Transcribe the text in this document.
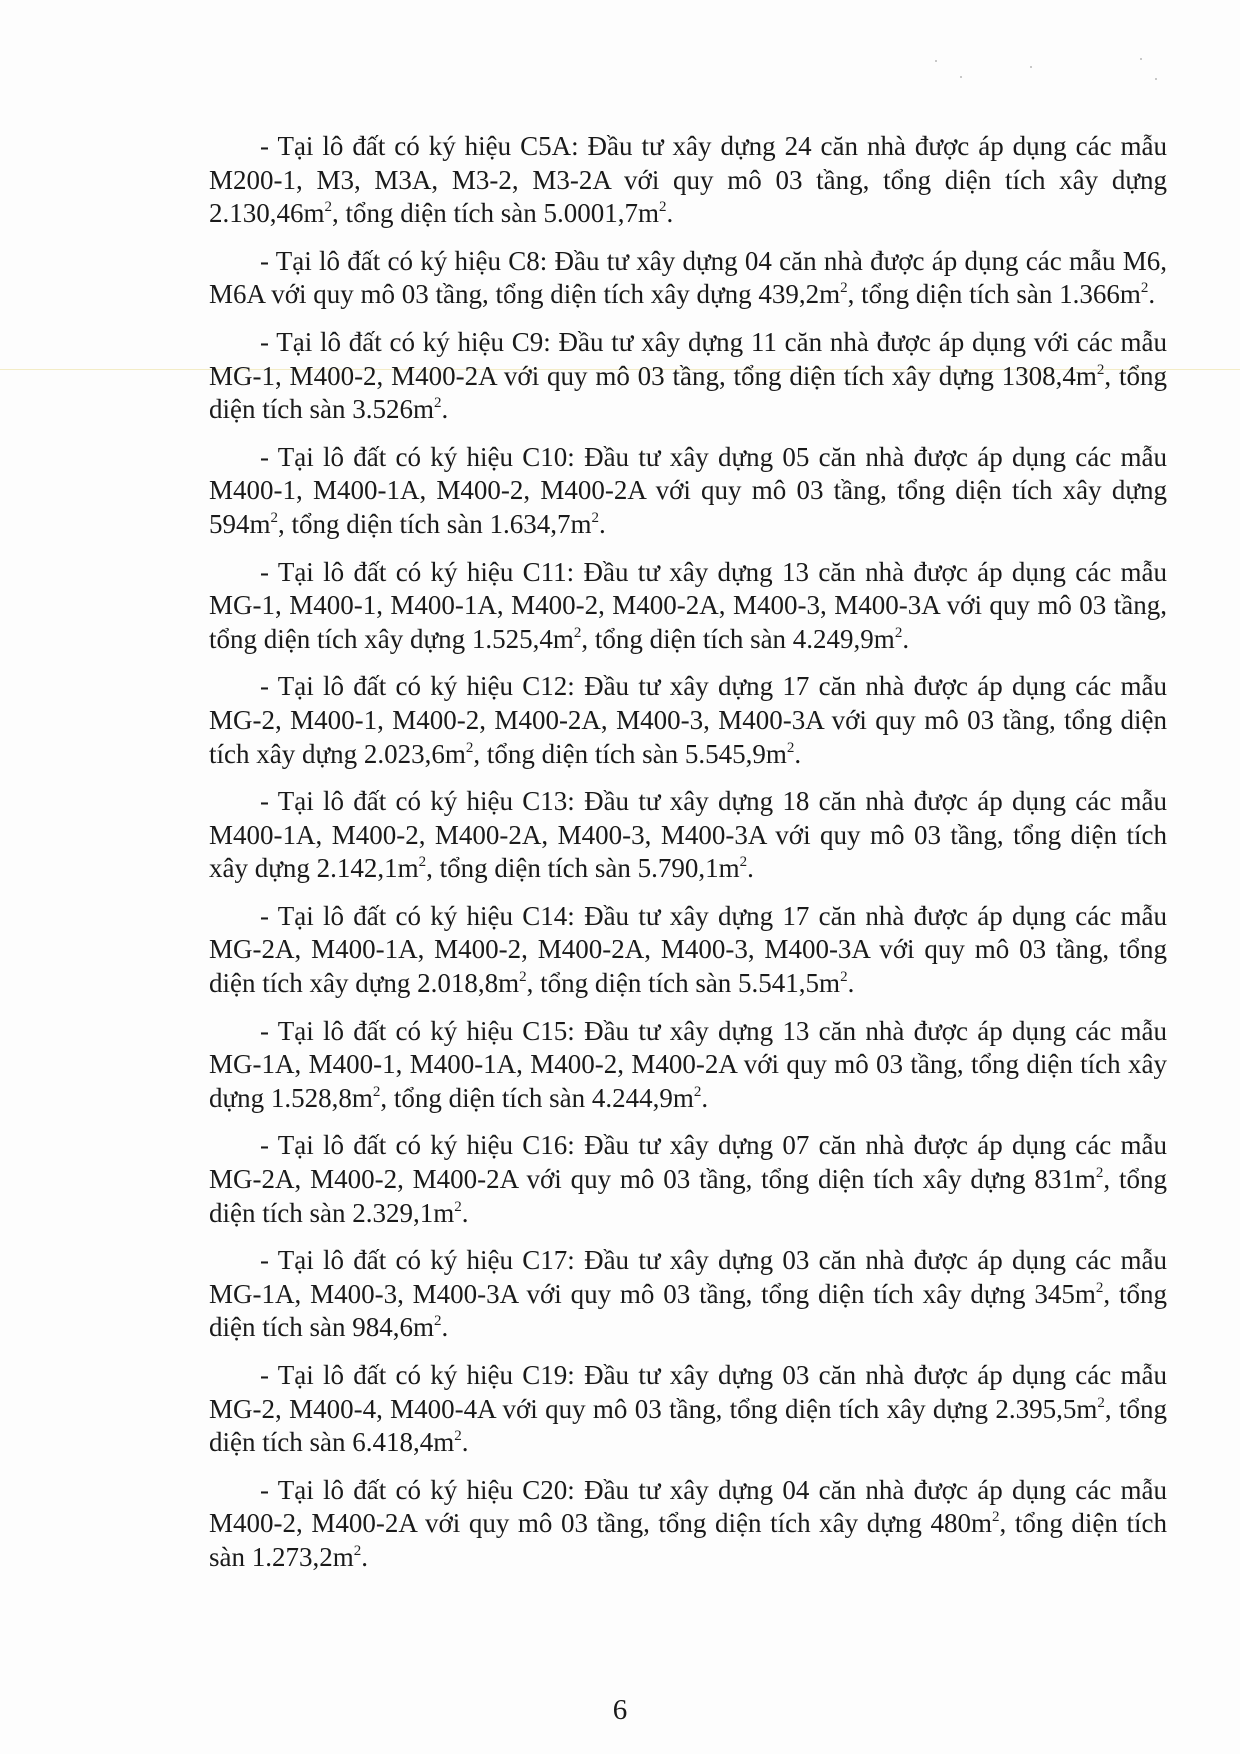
- Tại lô đất có ký hiệu C5A: Đầu tư xây dựng 24 căn nhà được áp dụng các mẫu M200-1, M3, M3A, M3-2, M3-2A với quy mô 03 tầng, tổng diện tích xây dựng $2.130,46m^2$, tổng diện tích sàn $5.0001,7m^2$.

- Tại lô đất có ký hiệu C8: Đầu tư xây dựng 04 căn nhà được áp dụng các mẫu M6, M6A với quy mô 03 tầng, tổng diện tích xây dựng $439,2m^2$, tổng diện tích sàn $1.366m^2$.

- Tại lô đất có ký hiệu C9: Đầu tư xây dựng 11 căn nhà được áp dụng với các mẫu MG-1, M400-2, M400-2A với quy mô 03 tầng, tổng diện tích xây dựng $1308,4m^2$, tổng diện tích sàn $3.526m^2$.

- Tại lô đất có ký hiệu C10: Đầu tư xây dựng 05 căn nhà được áp dụng các mẫu M400-1, M400-1A, M400-2, M400-2A với quy mô 03 tầng, tổng diện tích xây dựng $594m^2$, tổng diện tích sàn $1.634,7m^2$.

- Tại lô đất có ký hiệu C11: Đầu tư xây dựng 13 căn nhà được áp dụng các mẫu MG-1, M400-1, M400-1A, M400-2, M400-2A, M400-3, M400-3A với quy mô 03 tầng, tổng diện tích xây dựng $1.525,4m^2$, tổng diện tích sàn $4.249,9m^2$.

- Tại lô đất có ký hiệu C12: Đầu tư xây dựng 17 căn nhà được áp dụng các mẫu MG-2, M400-1, M400-2, M400-2A, M400-3, M400-3A với quy mô 03 tầng, tổng diện tích xây dựng $2.023,6m^2$, tổng diện tích sàn $5.545,9m^2$.

- Tại lô đất có ký hiệu C13: Đầu tư xây dựng 18 căn nhà được áp dụng các mẫu M400-1A, M400-2, M400-2A, M400-3, M400-3A với quy mô 03 tầng, tổng diện tích xây dựng $2.142,1m^2$, tổng diện tích sàn $5.790,1m^2$.

- Tại lô đất có ký hiệu C14: Đầu tư xây dựng 17 căn nhà được áp dụng các mẫu MG-2A, M400-1A, M400-2, M400-2A, M400-3, M400-3A với quy mô 03 tầng, tổng diện tích xây dựng $2.018,8m^2$, tổng diện tích sàn $5.541,5m^2$.

- Tại lô đất có ký hiệu C15: Đầu tư xây dựng 13 căn nhà được áp dụng các mẫu MG-1A, M400-1, M400-1A, M400-2, M400-2A với quy mô 03 tầng, tổng diện tích xây dựng $1.528,8m^2$, tổng diện tích sàn $4.244,9m^2$.

- Tại lô đất có ký hiệu C16: Đầu tư xây dựng 07 căn nhà được áp dụng các mẫu MG-2A, M400-2, M400-2A với quy mô 03 tầng, tổng diện tích xây dựng $831m^2$, tổng diện tích sàn $2.329,1m^2$.

- Tại lô đất có ký hiệu C17: Đầu tư xây dựng 03 căn nhà được áp dụng các mẫu MG-1A, M400-3, M400-3A với quy mô 03 tầng, tổng diện tích xây dựng $345m^2$, tổng diện tích sàn $984,6m^2$.

- Tại lô đất có ký hiệu C19: Đầu tư xây dựng 03 căn nhà được áp dụng các mẫu MG-2, M400-4, M400-4A với quy mô 03 tầng, tổng diện tích xây dựng $2.395,5m^2$, tổng diện tích sàn $6.418,4m^2$.

- Tại lô đất có ký hiệu C20: Đầu tư xây dựng 04 căn nhà được áp dụng các mẫu M400-2, M400-2A với quy mô 03 tầng, tổng diện tích xây dựng $480m^2$, tổng diện tích sàn $1.273,2m^2$.

6
